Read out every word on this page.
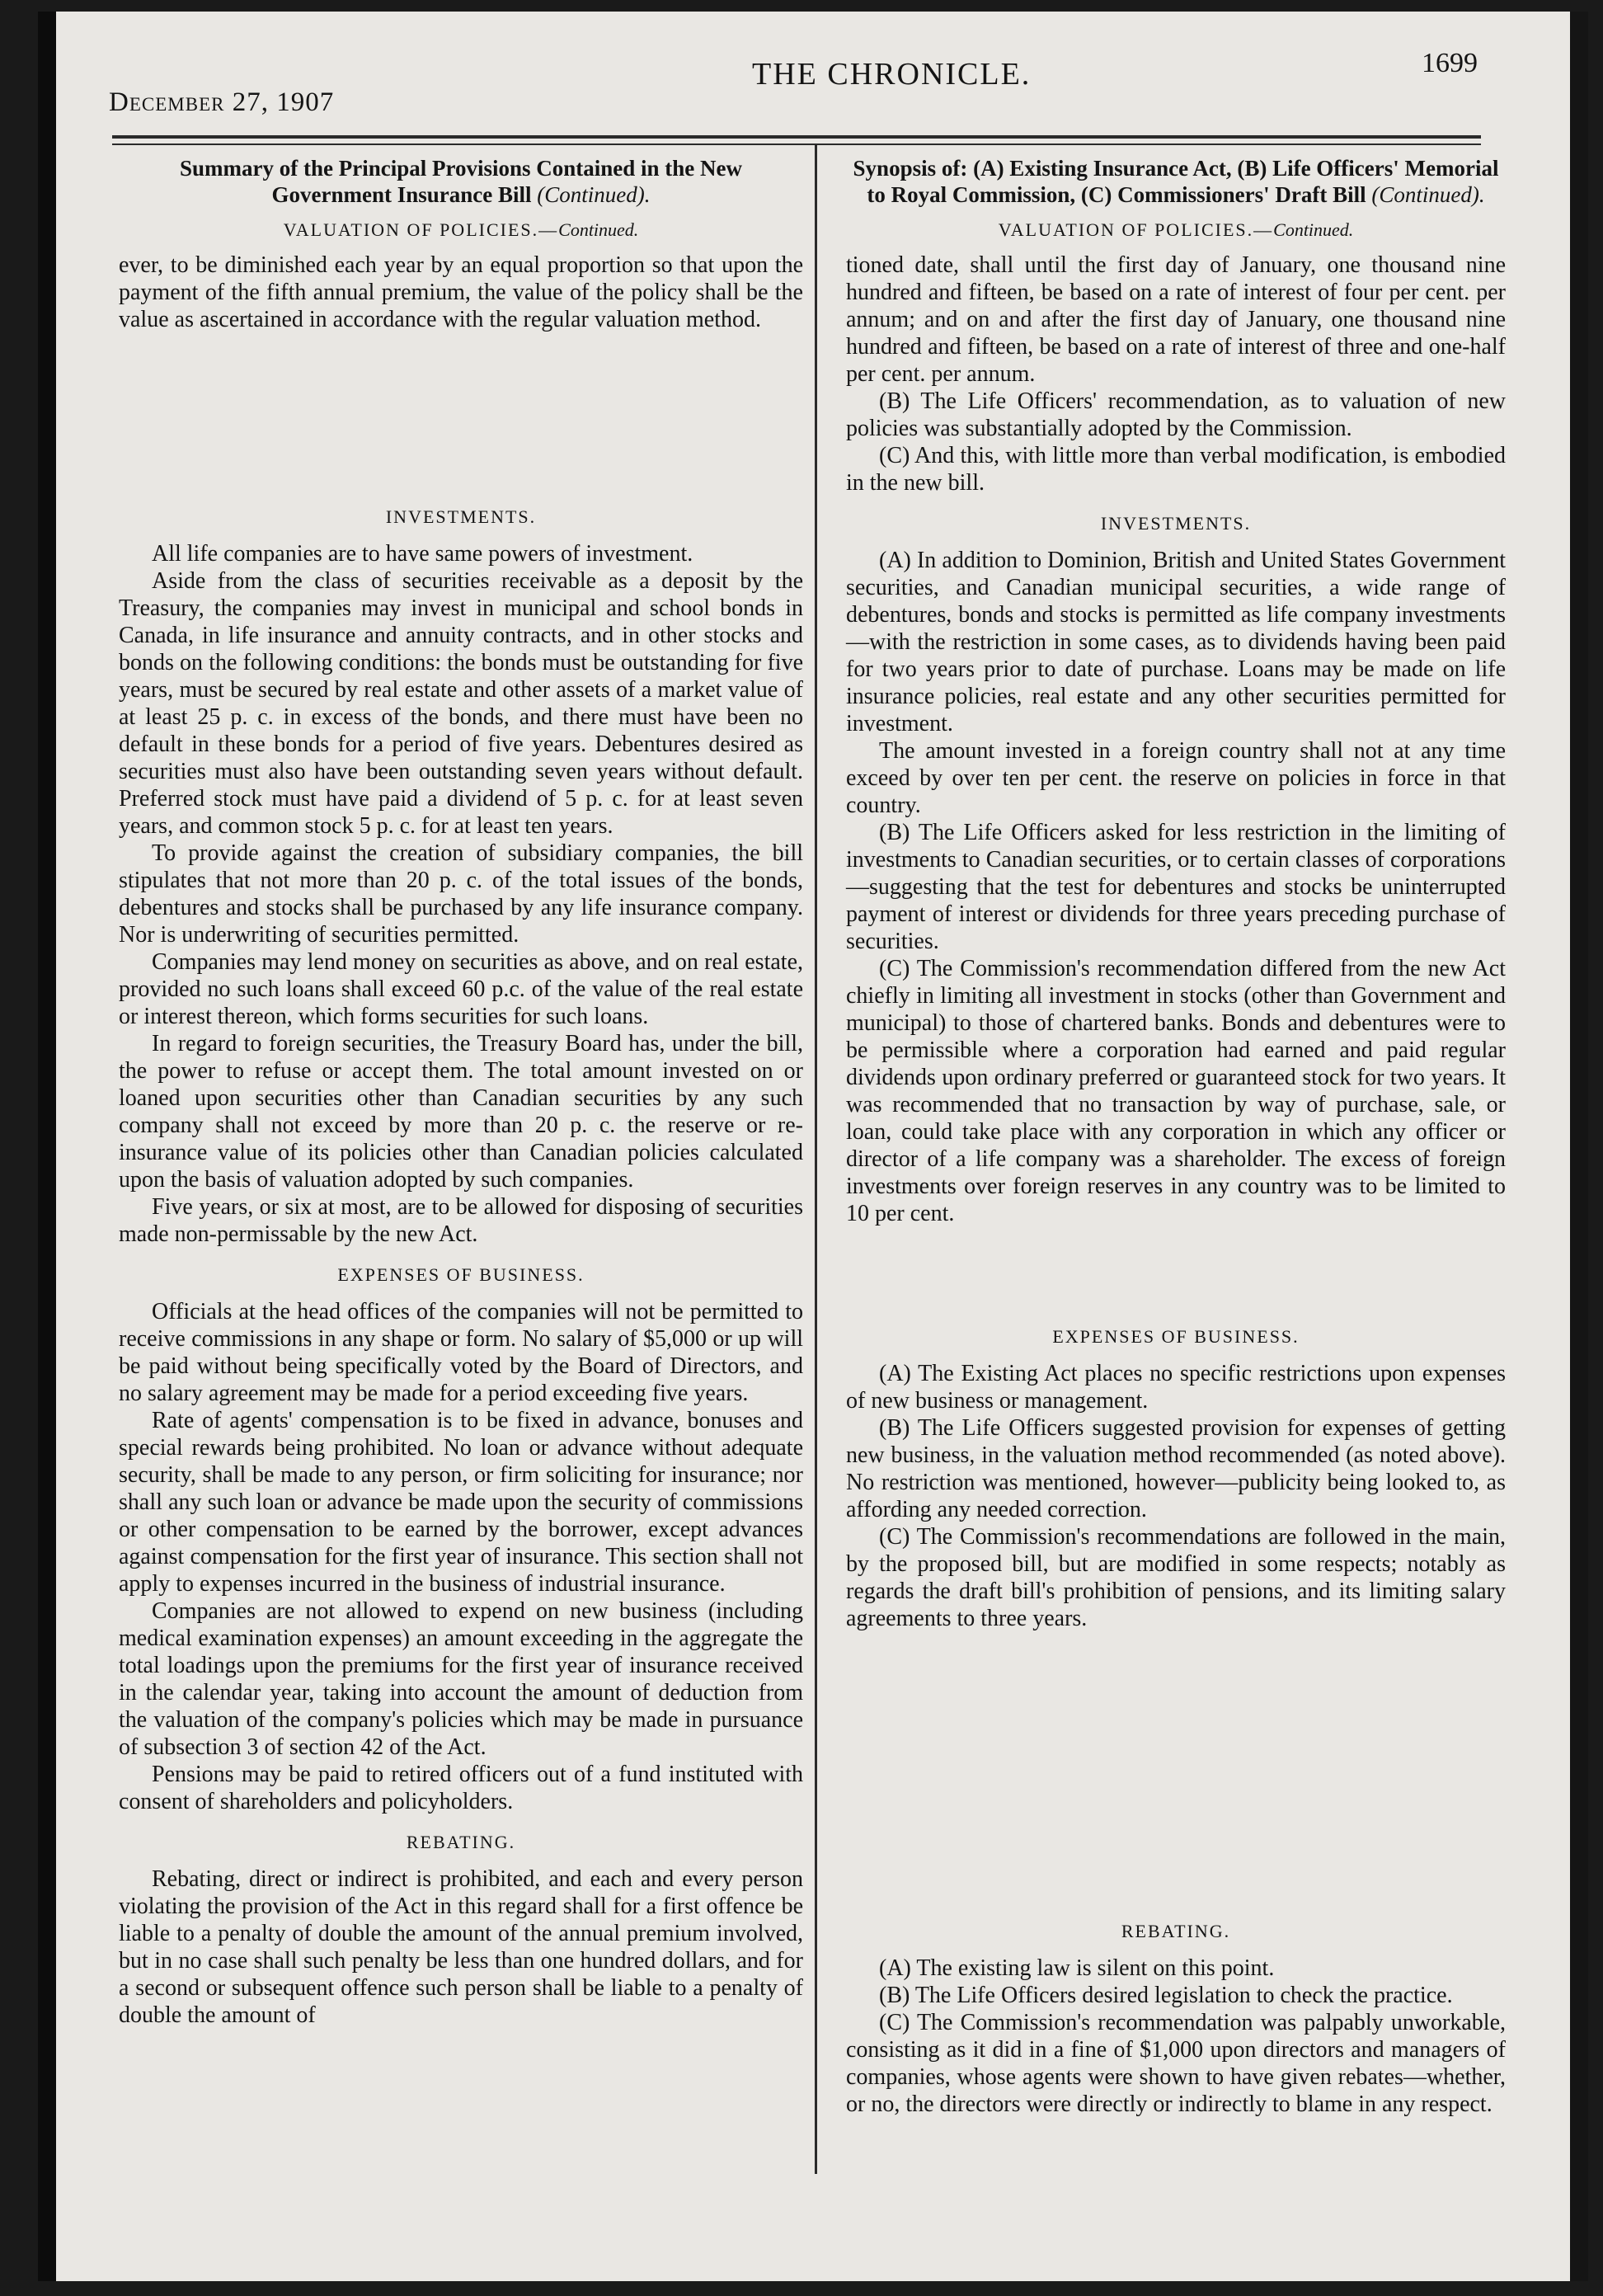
December 27, 1907
THE CHRONICLE.	1699
Summary of the Principal Provisions Contained in the New Government Insurance Bill (Continued).
VALUATION OF POLICIES.—Continued.

ever, to be diminished each year by an equal proportion so that upon the payment of the fifth annual premium, the value of the policy shall be the value as ascertained in accordance with the regular valuation method.

INVESTMENTS.

All life companies are to have same powers of investment.

Aside from the class of securities receivable as a deposit by the Treasury, the companies may invest in municipal and school bonds in Canada, in life insurance and annuity contracts, and in other stocks and bonds on the following conditions: the bonds must be outstanding for five years, must be secured by real estate and other assets of a market value of at least 25 p. c. in excess of the bonds, and there must have been no default in these bonds for a period of five years. Debentures desired as securities must also have been outstanding seven years without default. Preferred stock must have paid a dividend of 5 p. c. for at least seven years, and common stock 5 p. c. for at least ten years.

To provide against the creation of subsidiary companies, the bill stipulates that not more than 20 p. c. of the total issues of the bonds, debentures and stocks shall be purchased by any life insurance company. Nor is underwriting of securities permitted.

Companies may lend money on securities as above, and on real estate, provided no such loans shall exceed 60 p.c. of the value of the real estate or interest thereon, which forms securities for such loans.

In regard to foreign securities, the Treasury Board has, under the bill, the power to refuse or accept them. The total amount invested on or loaned upon securities other than Canadian securities by any such company shall not exceed by more than 20 p. c. the reserve or re-insurance value of its policies other than Canadian policies calculated upon the basis of valuation adopted by such companies.

Five years, or six at most, are to be allowed for disposing of securities made non-permissable by the new Act.

EXPENSES OF BUSINESS.

Officials at the head offices of the companies will not be permitted to receive commissions in any shape or form. No salary of $5,000 or up will be paid without being specifically voted by the Board of Directors, and no salary agreement may be made for a period exceeding five years.

Rate of agents' compensation is to be fixed in advance, bonuses and special rewards being prohibited. No loan or advance without adequate security, shall be made to any person, or firm soliciting for insurance; nor shall any such loan or advance be made upon the security of commissions or other compensation to be earned by the borrower, except advances against compensation for the first year of insurance. This section shall not apply to expenses incurred in the business of industrial insurance.

Companies are not allowed to expend on new business (including medical examination expenses) an amount exceeding in the aggregate the total loadings upon the premiums for the first year of insurance received in the calendar year, taking into account the amount of deduction from the valuation of the company's policies which may be made in pursuance of subsection 3 of section 42 of the Act.

Pensions may be paid to retired officers out of a fund instituted with consent of shareholders and policyholders.

REBATING.

Rebating, direct or indirect is prohibited, and each and every person violating the provision of the Act in this regard shall for a first offence be liable to a penalty of double the amount of the annual premium involved, but in no case shall such penalty be less than one hundred dollars, and for a second or subsequent offence such person shall be liable to a penalty of double the amount of

Synopsis of: (A) Existing Insurance Act, (B) Life Officers' Memorial to Royal Commission, (C) Commissioners' Draft Bill (Continued).
VALUATION OF POLICIES.—Continued.

tioned date, shall until the first day of January, one thousand nine hundred and fifteen, be based on a rate of interest of four per cent. per annum; and on and after the first day of January, one thousand nine hundred and fifteen, be based on a rate of interest of three and one-half per cent. per annum.

(B) The Life Officers' recommendation, as to valuation of new policies was substantially adopted by the Commission.

(C) And this, with little more than verbal modification, is embodied in the new bill.

INVESTMENTS.

(A) In addition to Dominion, British and United States Government securities, and Canadian municipal securities, a wide range of debentures, bonds and stocks is permitted as life company investments—with the restriction in some cases, as to dividends having been paid for two years prior to date of purchase. Loans may be made on life insurance policies, real estate and any other securities permitted for investment.

The amount invested in a foreign country shall not at any time exceed by over ten per cent. the reserve on policies in force in that country.

(B) The Life Officers asked for less restriction in the limiting of investments to Canadian securities, or to certain classes of corporations—suggesting that the test for debentures and stocks be uninterrupted payment of interest or dividends for three years preceding purchase of securities.

(C) The Commission's recommendation differed from the new Act chiefly in limiting all investment in stocks (other than Government and municipal) to those of chartered banks. Bonds and debentures were to be permissible where a corporation had earned and paid regular dividends upon ordinary preferred or guaranteed stock for two years. It was recommended that no transaction by way of purchase, sale, or loan, could take place with any corporation in which any officer or director of a life company was a shareholder. The excess of foreign investments over foreign reserves in any country was to be limited to 10 per cent.

EXPENSES OF BUSINESS.

(A) The Existing Act places no specific restrictions upon expenses of new business or management.

(B) The Life Officers suggested provision for expenses of getting new business, in the valuation method recommended (as noted above). No restriction was mentioned, however—publicity being looked to, as affording any needed correction.

(C) The Commission's recommendations are followed in the main, by the proposed bill, but are modified in some respects; notably as regards the draft bill's prohibition of pensions, and its limiting salary agreements to three years.

REBATING.

(A) The existing law is silent on this point.

(B) The Life Officers desired legislation to check the practice.

(C) The Commission's recommendation was palpably unworkable, consisting as it did in a fine of $1,000 upon directors and managers of companies, whose agents were shown to have given rebates—whether, or no, the directors were directly or indirectly to blame in any respect.
